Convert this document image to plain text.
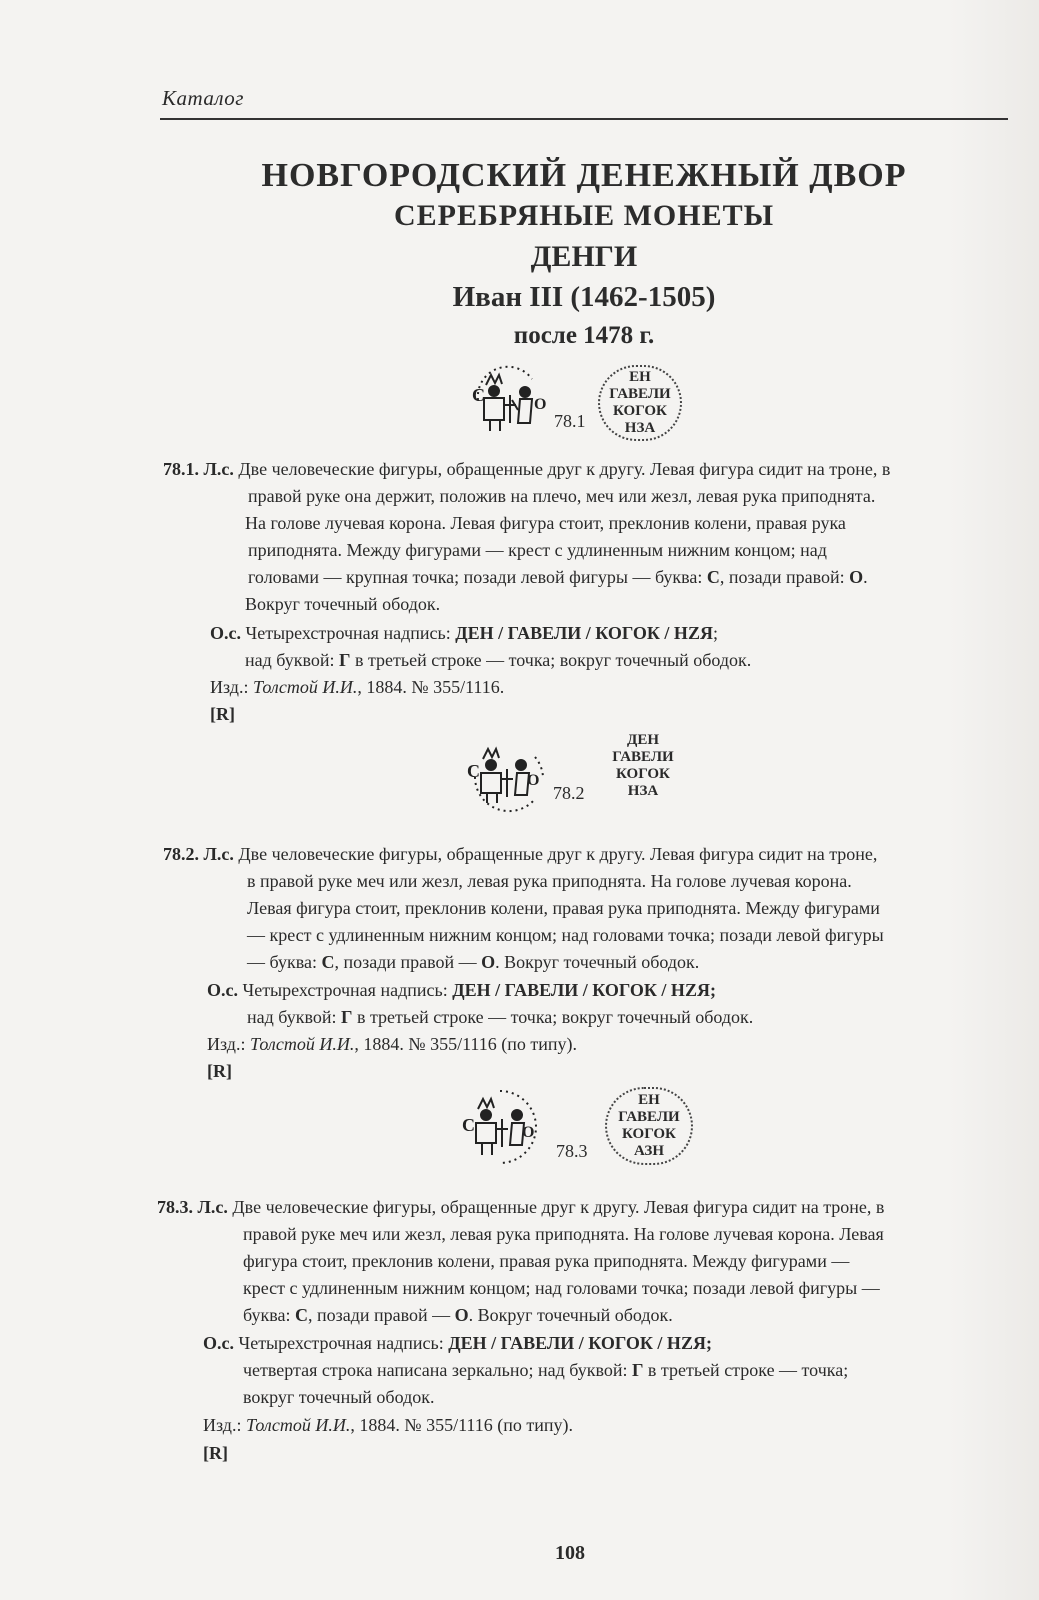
Каталог
НОВГОРОДСКИЙ ДЕНЕЖНЫЙ ДВОР
СЕРЕБРЯНЫЕ МОНЕТЫ
ДЕНГИ
Иван III (1462-1505)
после 1478 г.
С	О
78.1
ЕН
ГАВЕЛИ
КОГОК
НЗА
78.1. Л.с. Две человеческие фигуры, обращенные друг к другу. Левая фигура сидит на троне, в
правой руке она держит, положив на плечо, меч или жезл, левая рука приподнята.
На голове лучевая корона. Левая фигура стоит, преклонив колени, правая рука
приподнята. Между фигурами — крест с удлиненным нижним концом; над
головами — крупная точка; позади левой фигуры — буква: С, позади правой: О.
Вокруг точечный ободок.
О.с. Четырехстрочная надпись: ДЕН / ГАВЕЛИ / КОГОК / HZЯ;
над буквой: Г в третьей строке — точка; вокруг точечный ободок.
Изд.: Толстой И.И., 1884. № 355/1116.
[R]
С	О
78.2
ДЕН
ГАВЕЛИ
КОГОК
НЗА
78.2. Л.с. Две человеческие фигуры, обращенные друг к другу. Левая фигура сидит на троне,
в правой руке меч или жезл, левая рука приподнята. На голове лучевая корона.
Левая фигура стоит, преклонив колени, правая рука приподнята. Между фигурами
— крест с удлиненным нижним концом; над головами точка; позади левой фигуры
— буква: С, позади правой — О. Вокруг точечный ободок.
О.с. Четырехстрочная надпись: ДЕН / ГАВЕЛИ / КОГОК / HZЯ;
над буквой: Г в третьей строке — точка; вокруг точечный ободок.
Изд.: Толстой И.И., 1884. № 355/1116 (по типу).
[R]
С	О
78.3
ЕН
ГАВЕЛИ
КОГОК
АЗН
78.3. Л.с. Две человеческие фигуры, обращенные друг к другу. Левая фигура сидит на троне, в
правой руке меч или жезл, левая рука приподнята. На голове лучевая корона. Левая
фигура стоит, преклонив колени, правая рука приподнята. Между фигурами —
крест с удлиненным нижним концом; над головами точка; позади левой фигуры —
буква: С, позади правой — О. Вокруг точечный ободок.
О.с. Четырехстрочная надпись: ДЕН / ГАВЕЛИ / КОГОК / HZЯ;
четвертая строка написана зеркально; над буквой: Г в третьей строке — точка;
вокруг точечный ободок.
Изд.: Толстой И.И., 1884. № 355/1116 (по типу).
[R]
108
